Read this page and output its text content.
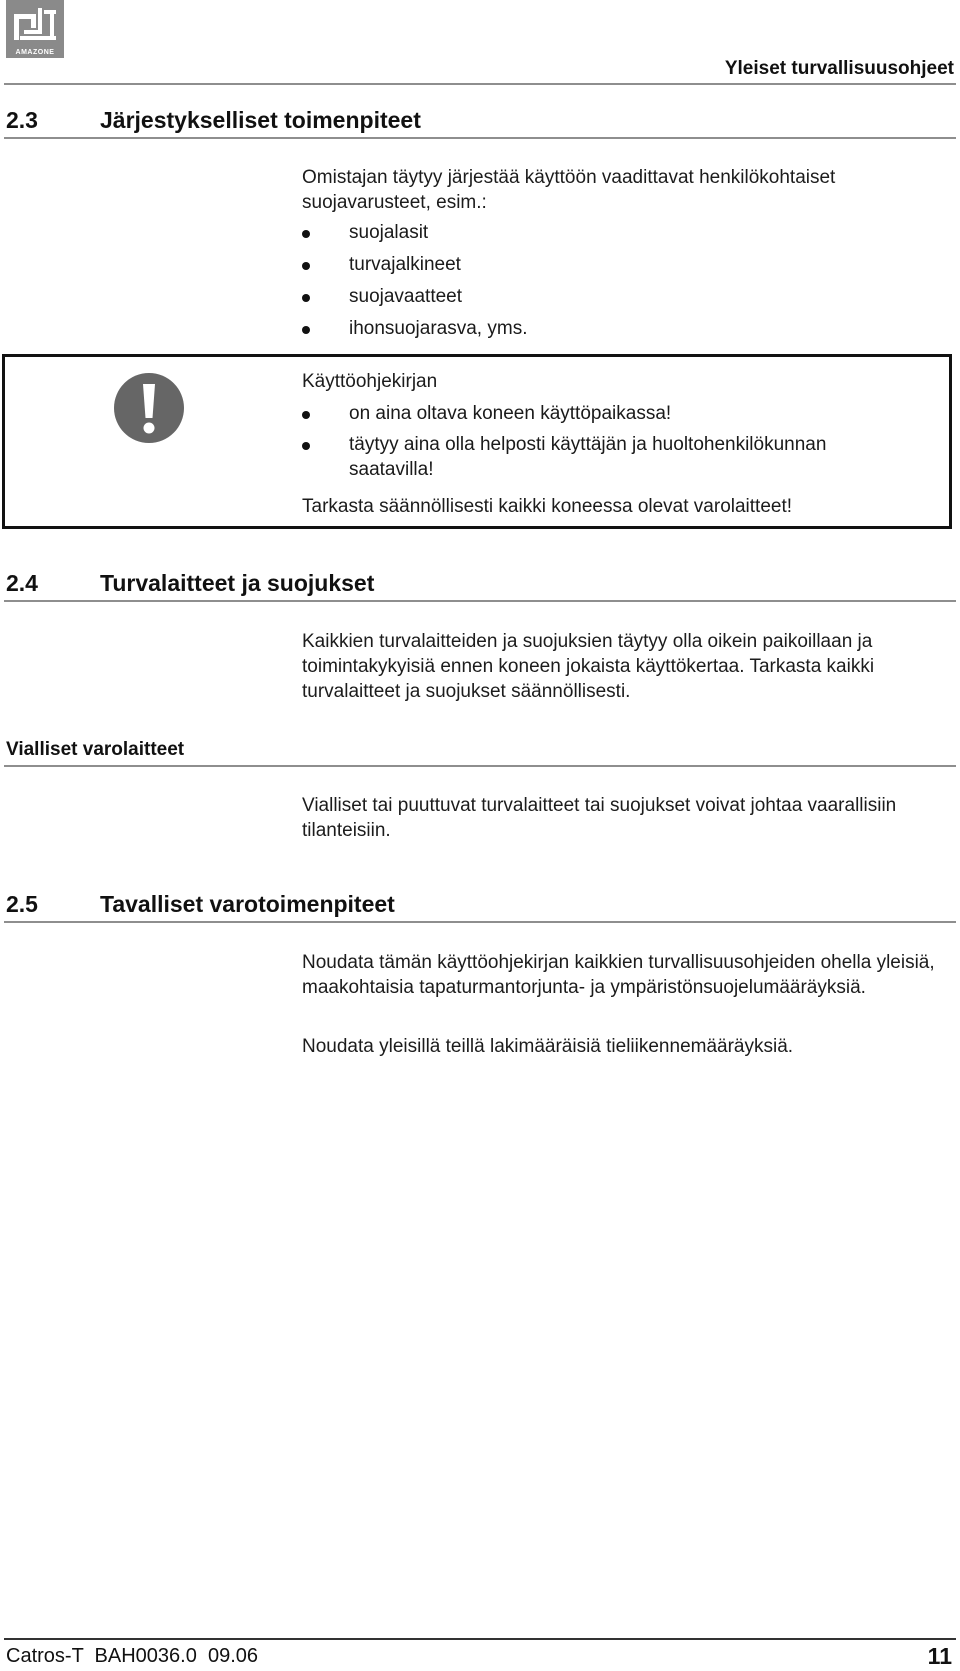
AMAZONE
Yleiset turvallisuusohjeet
2.3	Järjestykselliset toimenpiteet
Omistajan täytyy järjestää käyttöön vaadittavat henkilökohtaiset suojavarusteet, esim.:
suojalasit
turvajalkineet
suojavaatteet
ihonsuojarasva, yms.
Käyttöohjekirjan
on aina oltava koneen käyttöpaikassa!
täytyy aina olla helposti käyttäjän ja huoltohenkilökunnan saatavilla!
Tarkasta säännöllisesti kaikki koneessa olevat varolaitteet!
2.4	Turvalaitteet ja suojukset
Kaikkien turvalaitteiden ja suojuksien täytyy olla oikein paikoillaan ja toimintakykyisiä ennen koneen jokaista käyttökertaa. Tarkasta kaikki turvalaitteet ja suojukset säännöllisesti.
Vialliset varolaitteet
Vialliset tai puuttuvat turvalaitteet tai suojukset voivat johtaa vaarallisiin tilanteisiin.
2.5	Tavalliset varotoimenpiteet
Noudata tämän käyttöohjekirjan kaikkien turvallisuusohjeiden ohella yleisiä, maakohtaisia tapaturmantorjunta- ja ympäristönsuojelumääräyksiä.
Noudata yleisillä teillä lakimääräisiä tieliikennemääräyksiä.
Catros-T  BAH0036.0  09.06	11
